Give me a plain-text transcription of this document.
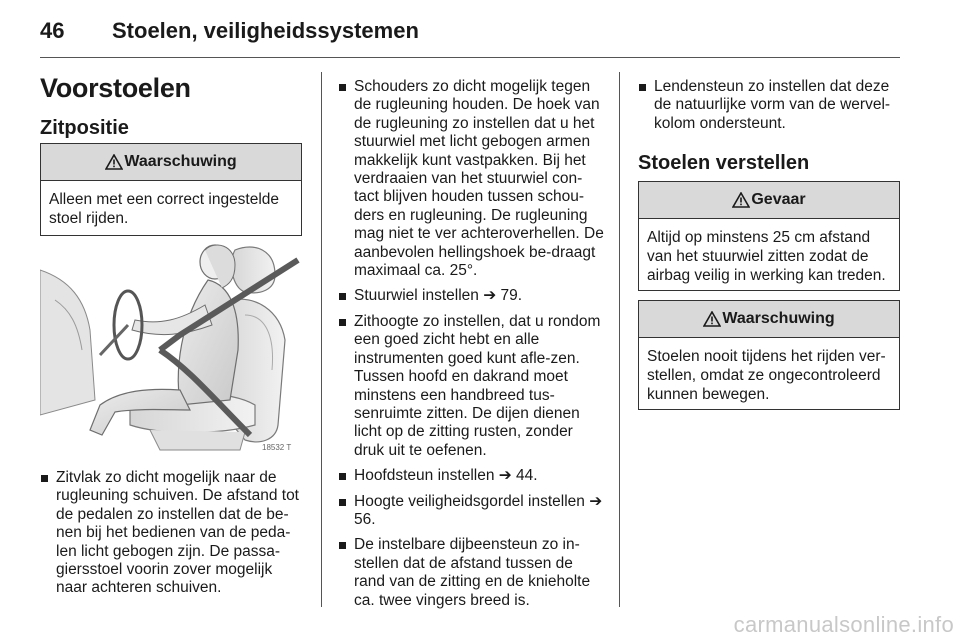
46 Stoelen, veiligheidssystemen
Voorstoelen
Zitpositie
Waarschuwing
Alleen met een correct ingestelde stoel rijden.
18532 T
Zitvlak zo dicht mogelijk naar de rugleuning schuiven. De afstand tot de pedalen zo instellen dat de be-nen bij het bedienen van de peda-len licht gebogen zijn. De passa-giersstoel voorin zover mogelijk naar achteren schuiven.
Schouders zo dicht mogelijk tegen de rugleuning houden. De hoek van de rugleuning zo instellen dat u het stuurwiel met licht gebogen armen makkelijk kunt vastpakken. Bij het verdraaien van het stuurwiel con-tact blijven houden tussen schou-ders en rugleuning. De rugleuning mag niet te ver achteroverhellen. De aanbevolen hellingshoek be-draagt maximaal ca. 25°.
Stuurwiel instellen ➔ 79.
Zithoogte zo instellen, dat u rondom een goed zicht hebt en alle instrumenten goed kunt afle-zen. Tussen hoofd en dakrand moet minstens een handbreed tus-senruimte zitten. De dijen dienen licht op de zitting rusten, zonder druk uit te oefenen.
Hoofdsteun instellen ➔ 44.
Hoogte veiligheidsgordel instellen ➔ 56.
De instelbare dijbeensteun zo in-stellen dat de afstand tussen de rand van de zitting en de knieholte ca. twee vingers breed is.
Lendensteun zo instellen dat deze de natuurlijke vorm van de wervel-kolom ondersteunt.
Stoelen verstellen
Gevaar
Altijd op minstens 25 cm afstand van het stuurwiel zitten zodat de airbag veilig in werking kan treden.
Waarschuwing
Stoelen nooit tijdens het rijden ver-stellen, omdat ze ongecontroleerd kunnen bewegen.
carmanualsonline.info
